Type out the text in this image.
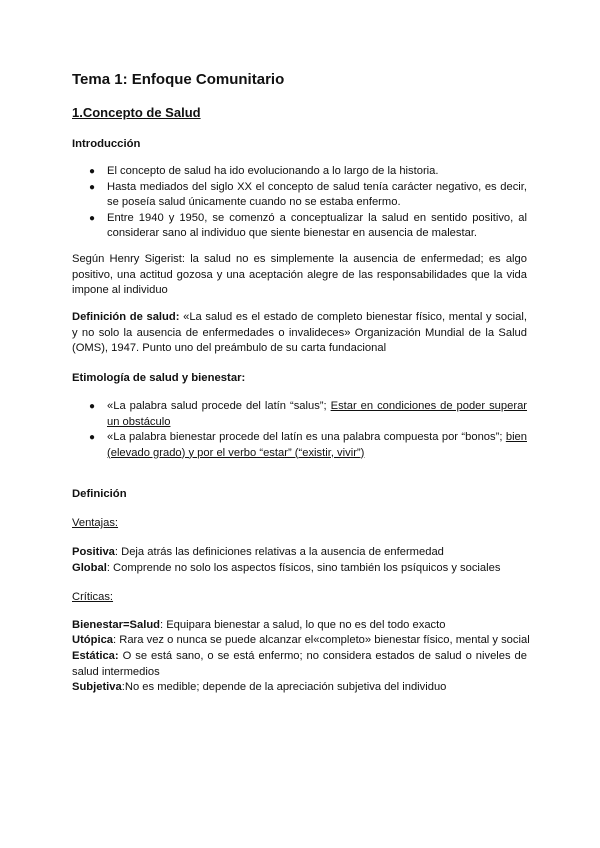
Tema 1: Enfoque Comunitario
1.Concepto de Salud
Introducción
● El concepto de salud ha ido evolucionando a lo largo de la historia.
● Hasta mediados del siglo XX el concepto de salud tenía carácter negativo, es decir, se poseía salud únicamente cuando no se estaba enfermo.
● Entre 1940 y 1950, se comenzó a conceptualizar la salud en sentido positivo, al considerar sano al individuo que siente bienestar en ausencia de malestar.
Según Henry Sigerist: la salud no es simplemente la ausencia de enfermedad; es algo positivo, una actitud gozosa y una aceptación alegre de las responsabilidades que la vida impone al individuo
Definición de salud: «La salud es el estado de completo bienestar físico, mental y social, y no solo la ausencia de enfermedades o invalideces» Organización Mundial de la Salud (OMS), 1947. Punto uno del preámbulo de su carta fundacional
Etimología de salud y bienestar:
● «La palabra salud procede del latín “salus”; Estar en condiciones de poder superar un obstáculo
● «La palabra bienestar procede del latín es una palabra compuesta por “bonos”; bien (elevado grado) y por el verbo “estar” (“existir, vivir”)
Definición
Ventajas:
Positiva: Deja atrás las definiciones relativas a la ausencia de enfermedad
Global: Comprende no solo los aspectos físicos, sino también los psíquicos y sociales
Críticas:
Bienestar=Salud: Equipara bienestar a salud, lo que no es del todo exacto
Utópica: Rara vez o nunca se puede alcanzar el«completo» bienestar físico, mental y social
Estática: O se está sano, o se está enfermo; no considera estados de salud o niveles de salud intermedios
Subjetiva:No es medible; depende de la apreciación subjetiva del individuo
